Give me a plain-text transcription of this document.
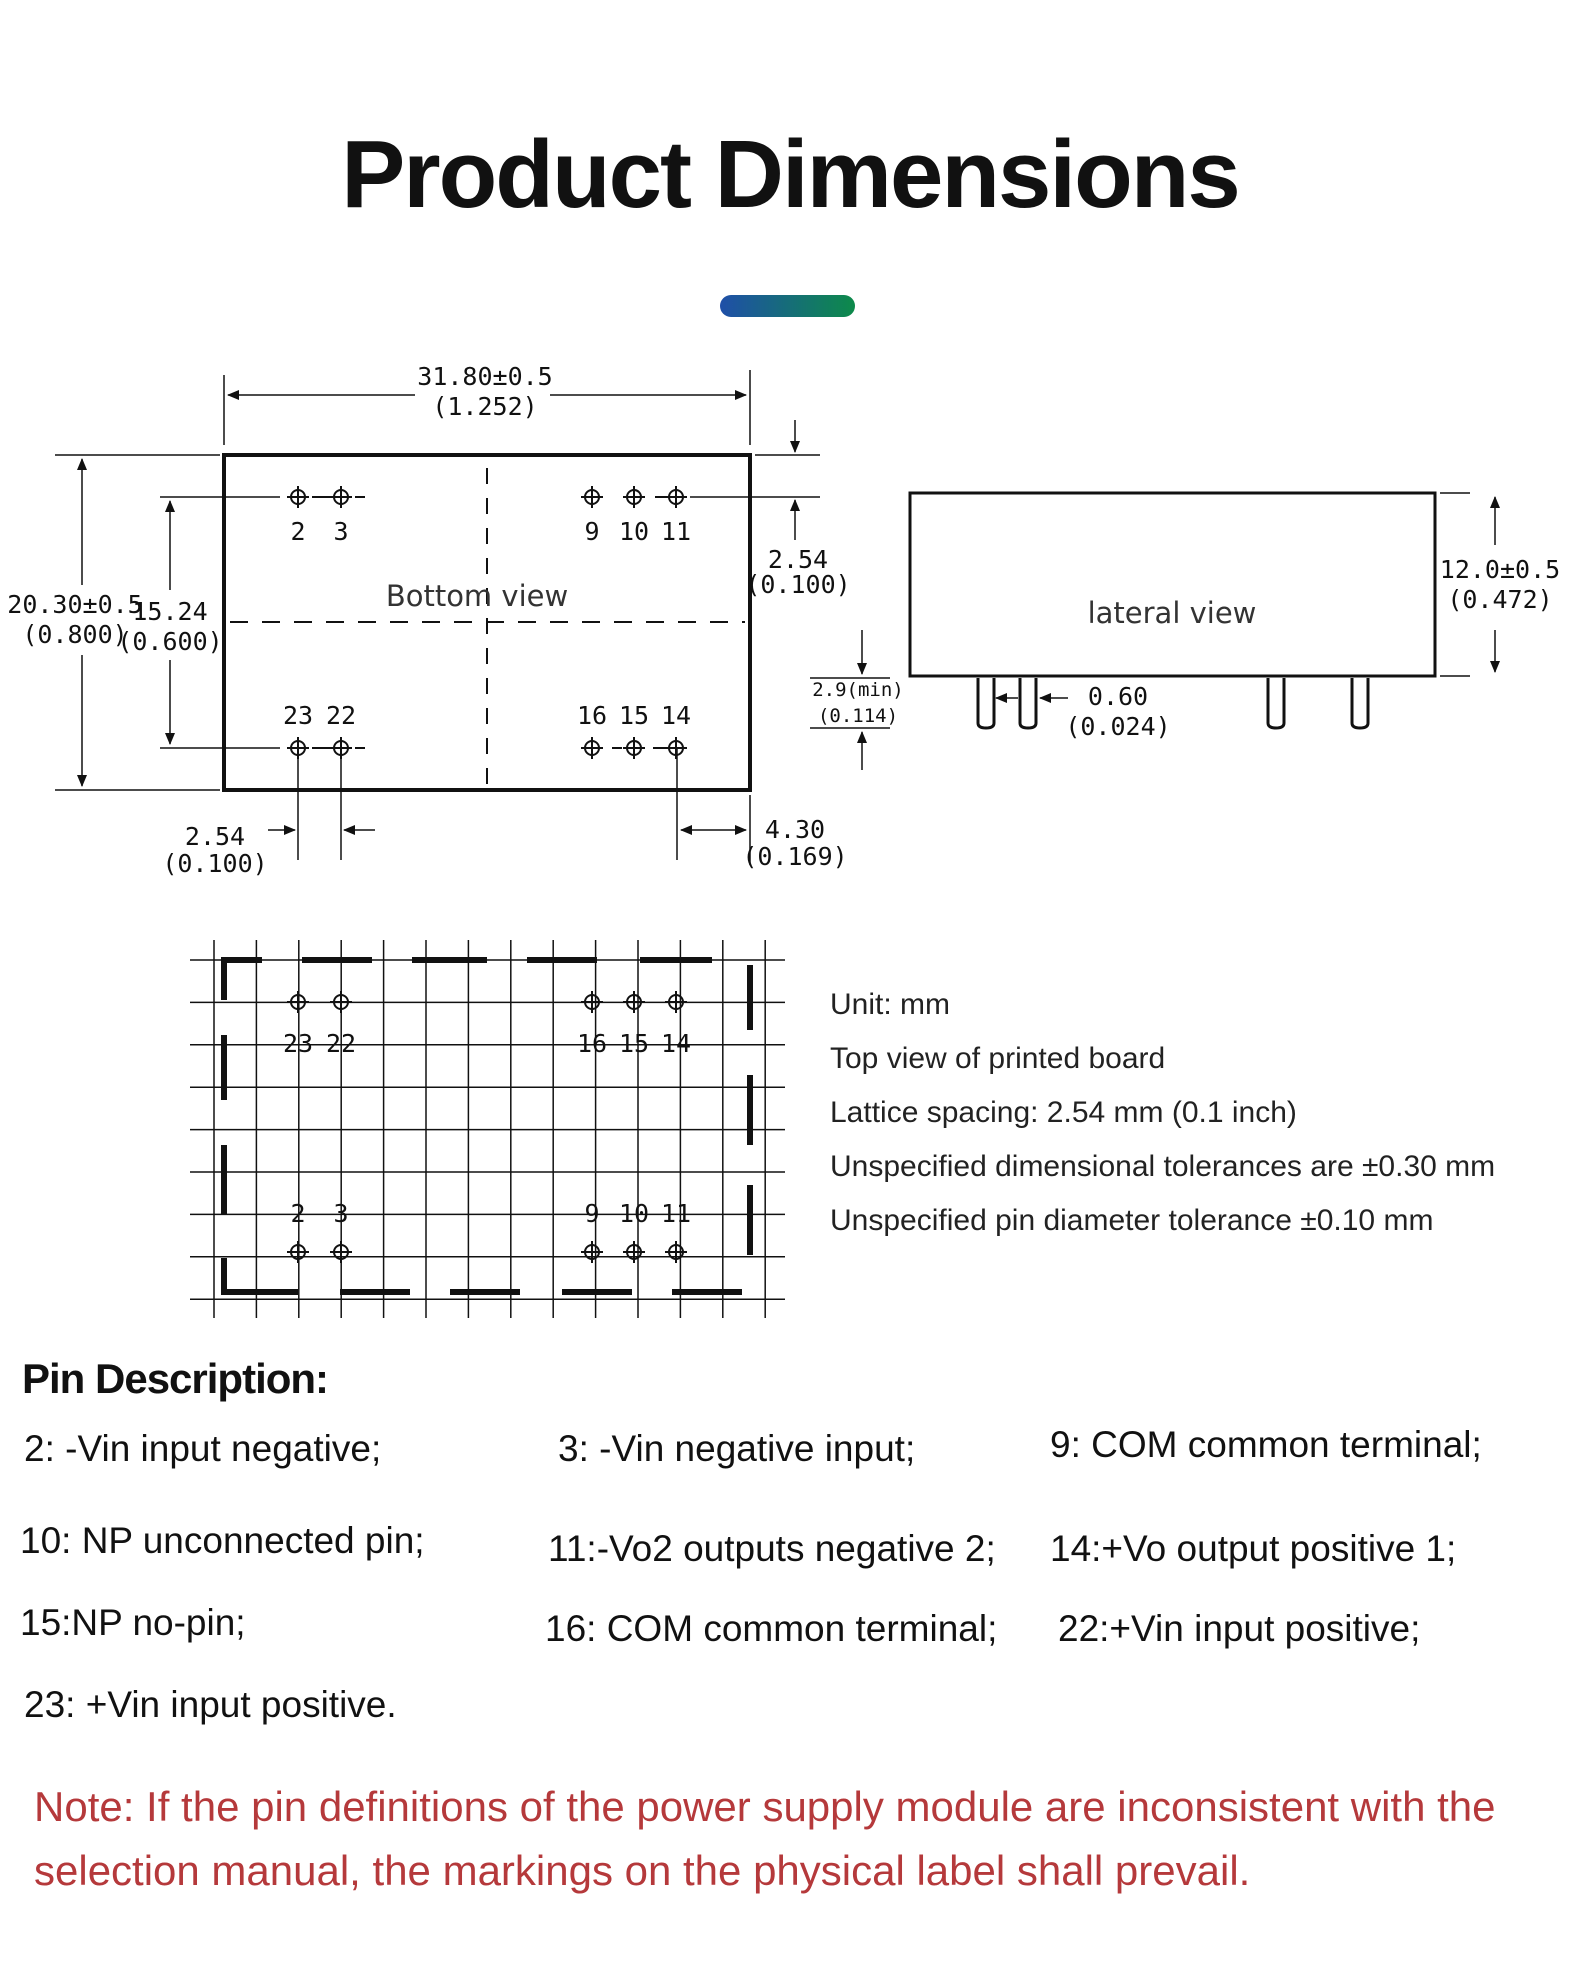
Product Dimensions
2 3	9 10 11
23 22	16 15 14
31.80±0.5
(1.252)
20.30±0.5
(0.800)
15.24
(0.600)
2.54
(0.100)
2.54
(0.100)
4.30
(0.169)
Bottom view	lateral view
12.0±0.5
(0.472)
2.9(min)
(0.114)
0.60
(0.024)
23 22	16 15 14
2 3	9 10 11
Unit: mm
Top view of printed board
Lattice spacing: 2.54 mm (0.1 inch)
Unspecified dimensional tolerances are ±0.30 mm
Unspecified pin diameter tolerance ±0.10 mm
Pin Description:
2: -Vin input negative;	3: -Vin negative input;	9: COM common terminal;
10: NP unconnected pin;	11:-Vo2 outputs negative 2; 14:+Vo output positive 1;
15:NP no-pin;	16: COM common terminal; 22:+Vin input positive;
23: +Vin input positive.

Note: If the pin definitions of the power supply module are inconsistent with the selection manual, the markings on the physical label shall prevail.
